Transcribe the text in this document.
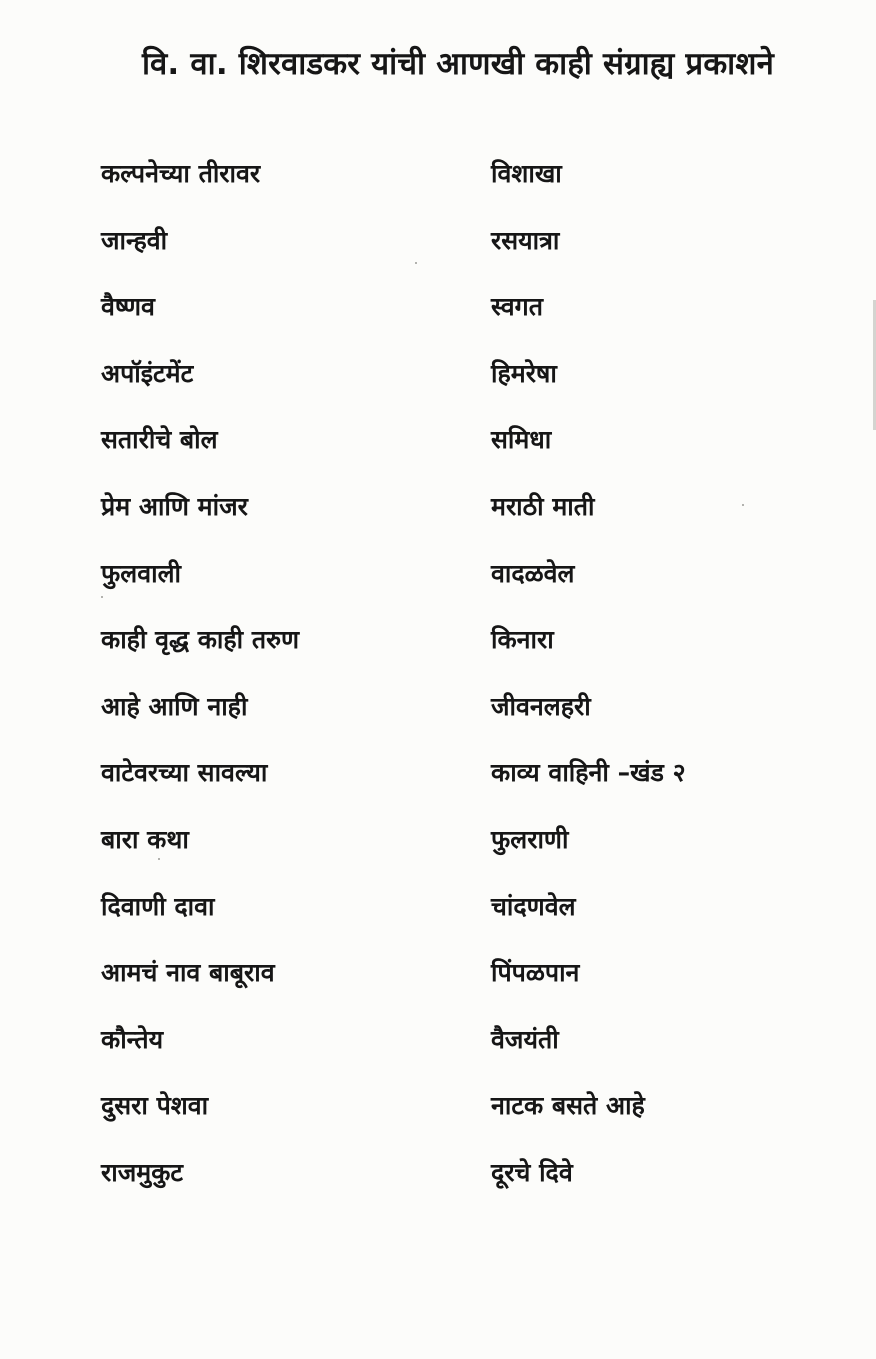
वि. वा. शिरवाडकर यांची आणखी काही संग्राह्य प्रकाशने
कल्पनेच्या तीरावर
जान्हवी
वैष्णव
अपॉइंटमेंट
सतारीचे बोल
प्रेम आणि मांजर
फुलवाली
काही वृद्ध काही तरुण
आहे आणि नाही
वाटेवरच्या सावल्या
बारा कथा
दिवाणी दावा
आमचं नाव बाबूराव
कौन्तेय
दुसरा पेशवा
राजमुकुट
विशाखा
रसयात्रा
स्वगत
हिमरेषा
समिधा
मराठी माती
वादळवेल
किनारा
जीवनलहरी
काव्य वाहिनी –खंड २
फुलराणी
चांदणवेल
पिंपळपान
वैजयंती
नाटक बसते आहे
दूरचे दिवे
